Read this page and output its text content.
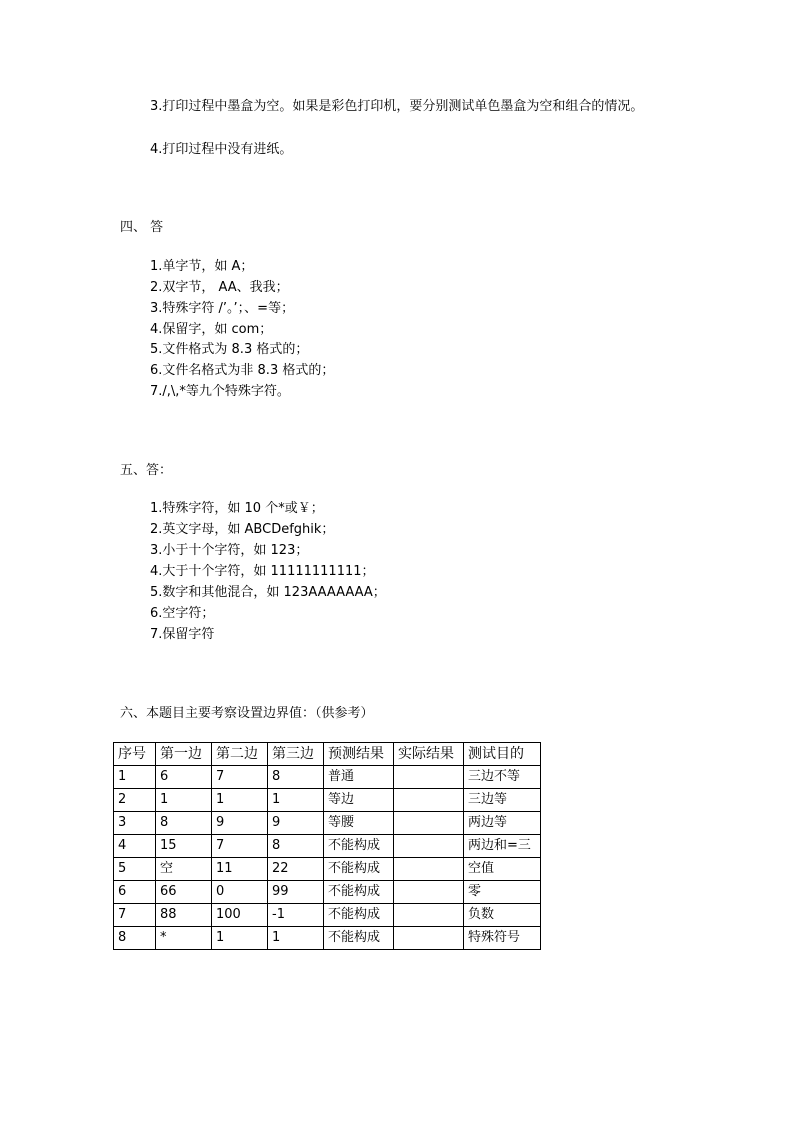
3.打印过程中墨盒为空。如果是彩色打印机，要分别测试单色墨盒为空和组合的情况。
4.打印过程中没有进纸。
四、 答
1.单字节，如 A；
2.双字节， AA、我我；
3.特殊字符 /’。’；、=等；
4.保留字，如 com；
5.文件格式为 8.3 格式的；
6.文件名格式为非 8.3 格式的；
7./,\,*等九个特殊字符。
五、答：
1.特殊字符，如 10 个*或￥；
2.英文字母，如 ABCDefghik；
3.小于十个字符，如 123；
4.大于十个字符，如 11111111111；
5.数字和其他混合，如 123AAAAAAA；
6.空字符；
7.保留字符
六、本题目主要考察设置边界值：（供参考）
序号	第一边	第二边	第三边	预测结果	实际结果	测试目的
1	6	7	8	普通		三边不等
2	1	1	1	等边		三边等
3	8	9	9	等腰		两边等
4	15	7	8	不能构成		两边和=三
5	空	11	22	不能构成		空值
6	66	0	99	不能构成		零
7	88	100	-1	不能构成		负数
8	*	1	1	不能构成		特殊符号
